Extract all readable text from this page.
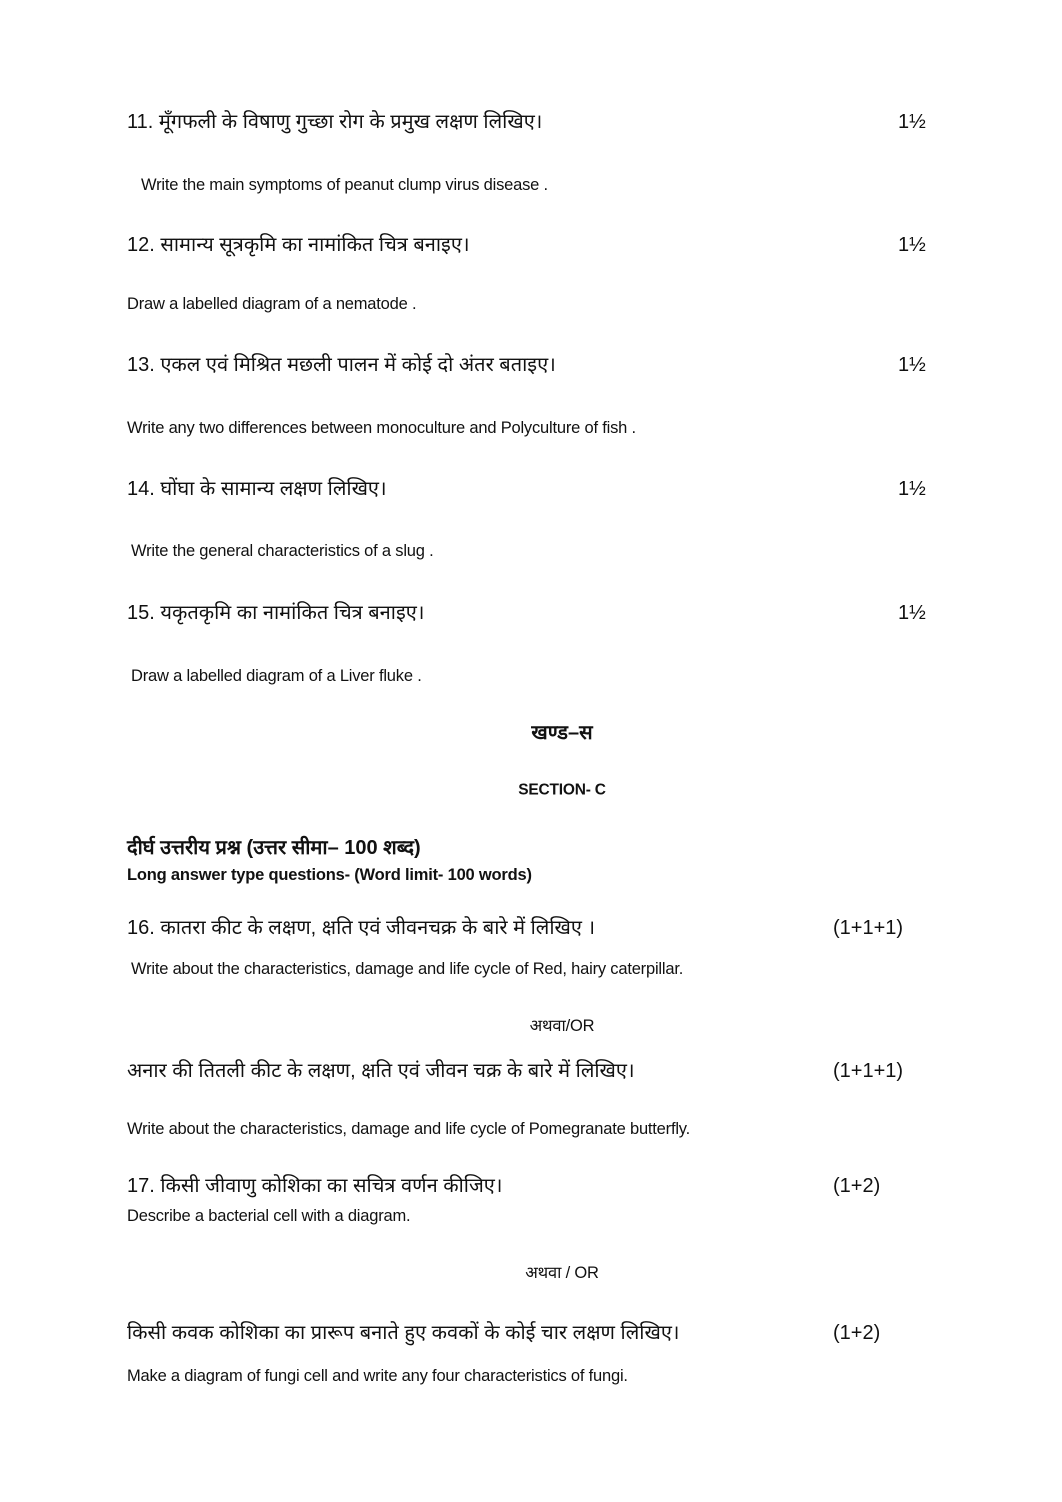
11. मूँगफली के विषाणु गुच्छा रोग के प्रमुख लक्षण लिखिए।	1½
Write the main symptoms of peanut clump virus disease .
12. सामान्य सूत्रकृमि का नामांकित चित्र बनाइए।	1½
Draw a labelled diagram of a nematode .
13. एकल एवं मिश्रित मछली पालन में कोई दो अंतर बताइए।	1½
Write any two differences between monoculture and Polyculture of fish .
14. घोंघा के सामान्य लक्षण लिखिए।	1½
Write the general characteristics of a slug .
15. यकृतकृमि का नामांकित चित्र बनाइए।	1½
Draw a labelled diagram of a Liver fluke .
खण्ड–स
SECTION- C
दीर्घ उत्तरीय प्रश्न (उत्तर सीमा– 100 शब्द)
Long answer type questions- (Word limit- 100 words)
16. कातरा कीट के लक्षण, क्षति एवं जीवनचक्र के बारे में लिखिए ।	(1+1+1)
Write about the characteristics, damage and life cycle of Red, hairy caterpillar.
अथवा/OR
अनार की तितली कीट के लक्षण, क्षति एवं जीवन चक्र के बारे में लिखिए।	(1+1+1)
Write about the characteristics, damage and life cycle of Pomegranate butterfly.
17. किसी जीवाणु कोशिका का सचित्र वर्णन कीजिए।	(1+2)
Describe a bacterial cell with a diagram.
अथवा / OR
किसी कवक कोशिका का प्रारूप बनाते हुए कवकों के कोई चार लक्षण लिखिए।	(1+2)
Make a diagram of fungi cell and write any four characteristics of fungi.
